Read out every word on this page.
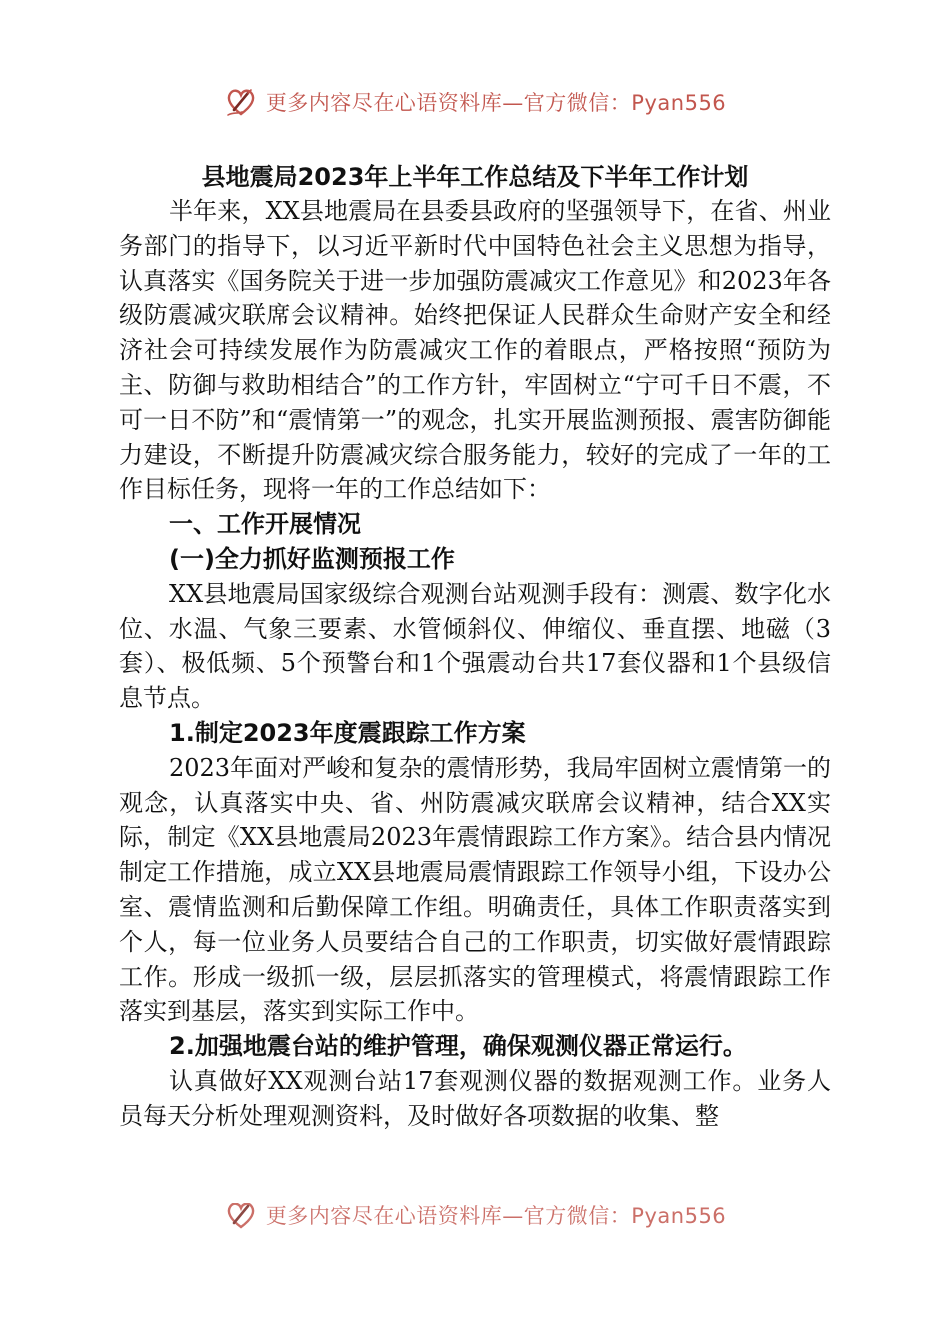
更多内容尽在心语资料库—官方微信：Pyan556
县地震局2023年上半年工作总结及下半年工作计划

半年来，XX县地震局在县委县政府的坚强领导下，在省、州业务部门的指导下，以习近平新时代中国特色社会主义思想为指导，认真落实《国务院关于进一步加强防震减灾工作意见》和2023年各级防震减灾联席会议精神。始终把保证人民群众生命财产安全和经济社会可持续发展作为防震减灾工作的着眼点，严格按照“预防为主、防御与救助相结合”的工作方针，牢固树立“宁可千日不震，不可一日不防”和“震情第一”的观念，扎实开展监测预报、震害防御能力建设，不断提升防震减灾综合服务能力，较好的完成了一年的工作目标任务，现将一年的工作总结如下：

一、工作开展情况

(一)全力抓好监测预报工作

XX县地震局国家级综合观测台站观测手段有：测震、数字化水位、水温、气象三要素、水管倾斜仪、伸缩仪、垂直摆、地磁（3套）、极低频、5个预警台和1个强震动台共17套仪器和1个县级信息节点。

1.制定2023年度震跟踪工作方案

2023年面对严峻和复杂的震情形势，我局牢固树立震情第一的观念，认真落实中央、省、州防震减灾联席会议精神，结合XX实际，制定《XX县地震局2023年震情跟踪工作方案》。结合县内情况制定工作措施，成立XX县地震局震情跟踪工作领导小组，下设办公室、震情监测和后勤保障工作组。明确责任，具体工作职责落实到个人，每一位业务人员要结合自己的工作职责，切实做好震情跟踪工作。形成一级抓一级，层层抓落实的管理模式，将震情跟踪工作落实到基层，落实到实际工作中。

2.加强地震台站的维护管理，确保观测仪器正常运行。

认真做好XX观测台站17套观测仪器的数据观测工作。业务人员每天分析处理观测资料，及时做好各项数据的收集、整

更多内容尽在心语资料库—官方微信：Pyan556
